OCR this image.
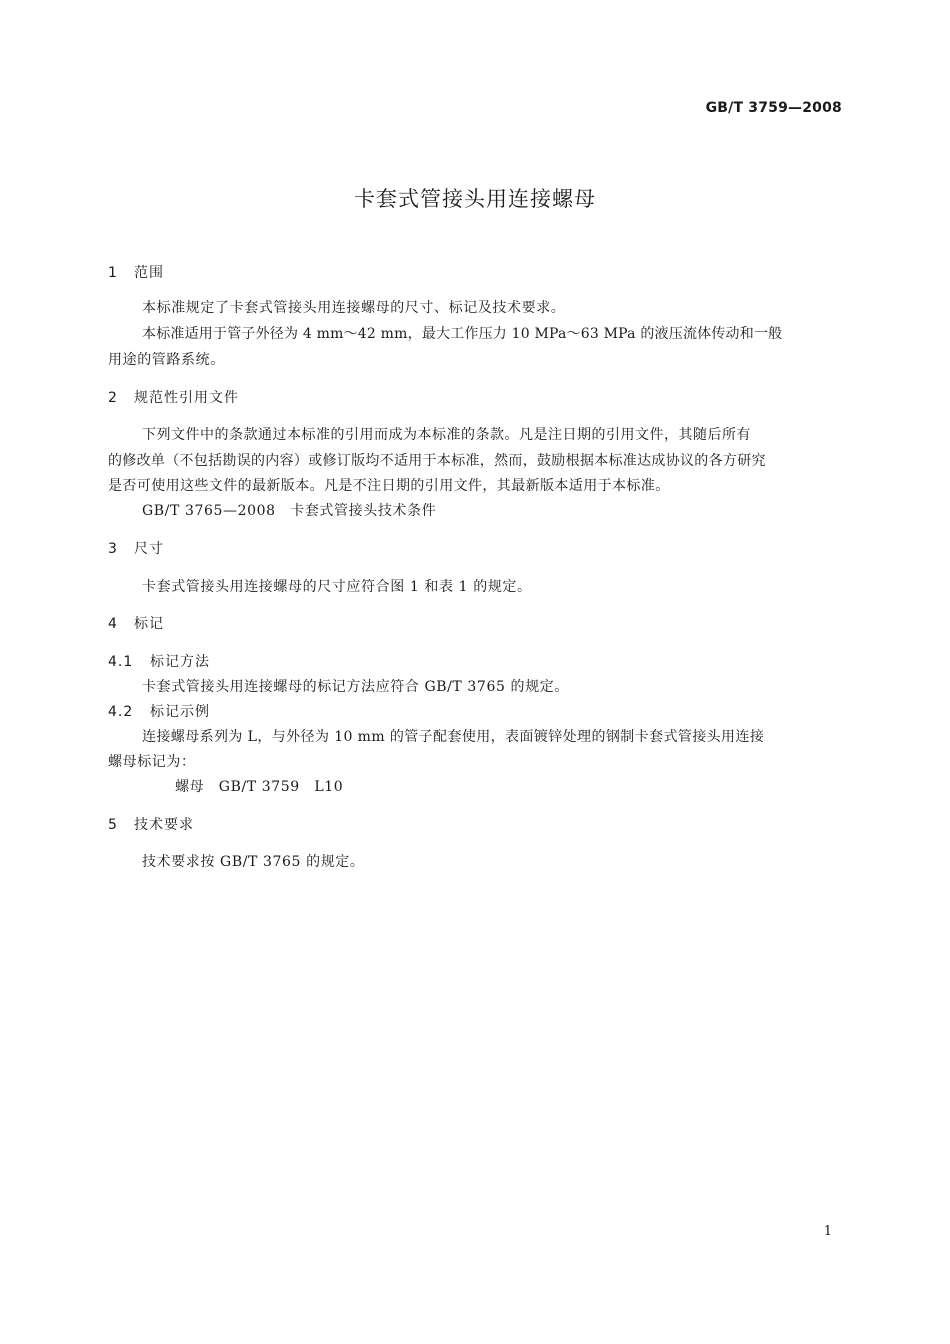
GB/T 3759—2008
卡套式管接头用连接螺母
1 范围
本标准规定了卡套式管接头用连接螺母的尺寸、标记及技术要求。
本标准适用于管子外径为 4 mm～42 mm，最大工作压力 10 MPa～63 MPa 的液压流体传动和一般
用途的管路系统。
2 规范性引用文件
下列文件中的条款通过本标准的引用而成为本标准的条款。凡是注日期的引用文件，其随后所有
的修改单（不包括勘误的内容）或修订版均不适用于本标准，然而，鼓励根据本标准达成协议的各方研究
是否可使用这些文件的最新版本。凡是不注日期的引用文件，其最新版本适用于本标准。
GB/T 3765—2008　卡套式管接头技术条件
3 尺寸
卡套式管接头用连接螺母的尺寸应符合图 1 和表 1 的规定。
4 标记
4.1 标记方法
卡套式管接头用连接螺母的标记方法应符合 GB/T 3765 的规定。
4.2 标记示例
连接螺母系列为 L，与外径为 10 mm 的管子配套使用，表面镀锌处理的钢制卡套式管接头用连接
螺母标记为：
螺母　GB/T 3759　L10
5 技术要求
技术要求按 GB/T 3765 的规定。
1
